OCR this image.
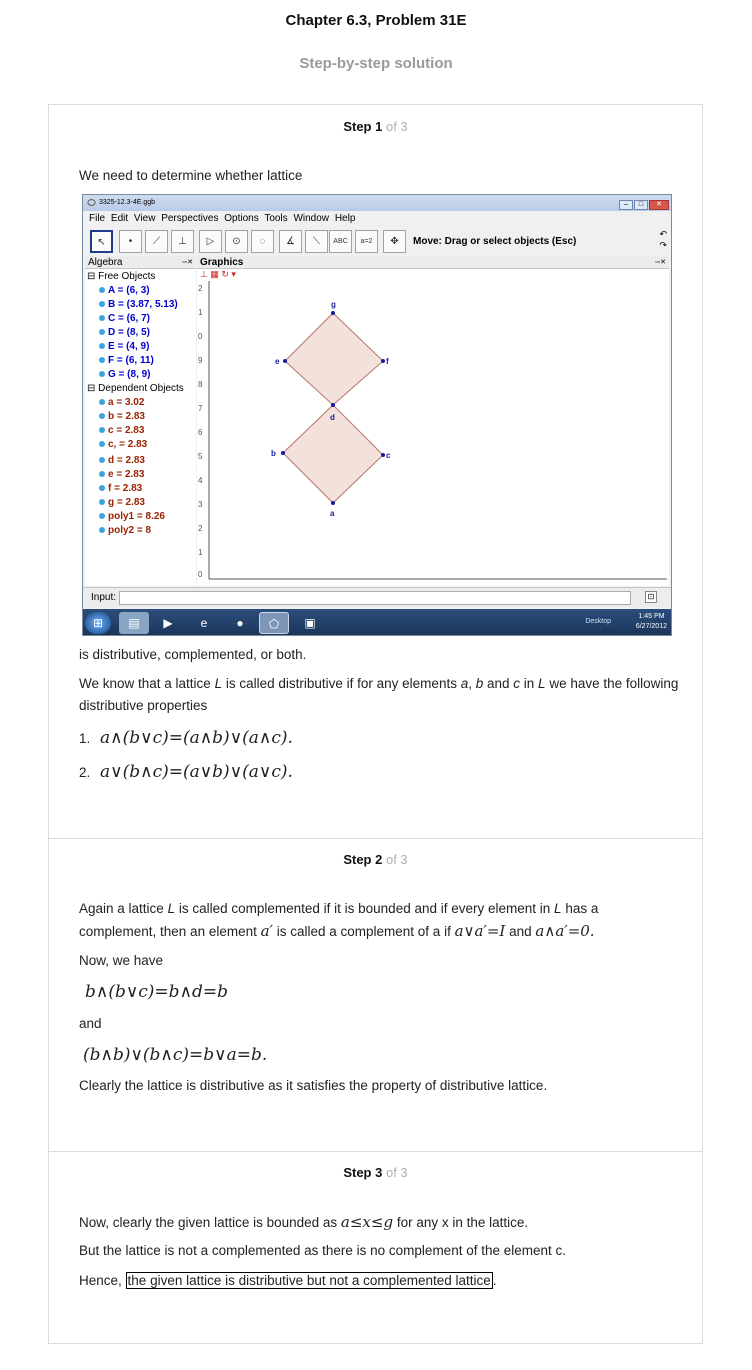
Chapter 6.3, Problem 31E
Step-by-step solution
Step 1 of 3
We need to determine whether lattice
3325-12.3-4E.ggb	– □ ✕
File Edit View Perspectives Options Tools Window Help
↖	•	⟋	⊥	▷	⊙	◌	∡	⟍	ABC	a=2	✥	Move: Drag or select objects (Esc)
↶
↷
Algebra	▫▫✕ Graphics	▫▫✕
⊟ Free Objects
A = (6, 3)
B = (3.87, 5.13)
C = (6, 7)
D = (8, 5)
E = (4, 9)
F = (6, 11)
G = (8, 9)
⊟ Dependent Objects
a = 3.02
b = 2.83
c = 2.83
c, = 2.83
d = 2.83
e = 2.83
f = 2.83
g = 2.83
poly1 = 8.26
poly2 = 8
⊥ ▦ ↻ ▾
2
1
0
9
8
7
6
5
4
3
2
1
0
g
e	f
d
b	c
a
Input:	⊡
⊞	▤	▶	e	●	⬠	▣	Desktop
1:45 PM
6/27/2012
is distributive, complemented, or both.
We know that a lattice L is called distributive if for any elements a, b and c in L we have the following distributive properties
1. a∧(b∨c)=(a∧b)∨(a∧c).
2. a∨(b∧c)=(a∨b)∨(a∨c).
Step 2 of 3
Again a lattice L is called complemented if it is bounded and if every element in L has a complement, then an element a′ is called a complement of a if a∨a′=I and a∧a′=0.
Now, we have
b∧(b∨c)=b∧d=b
and
(b∧b)∨(b∧c)=b∨a=b.
Clearly the lattice is distributive as it satisfies the property of distributive lattice.
Step 3 of 3
Now, clearly the given lattice is bounded as a≤x≤g for any x in the lattice.
But the lattice is not a complemented as there is no complement of the element c.
Hence, the given lattice is distributive but not a complemented lattice .
